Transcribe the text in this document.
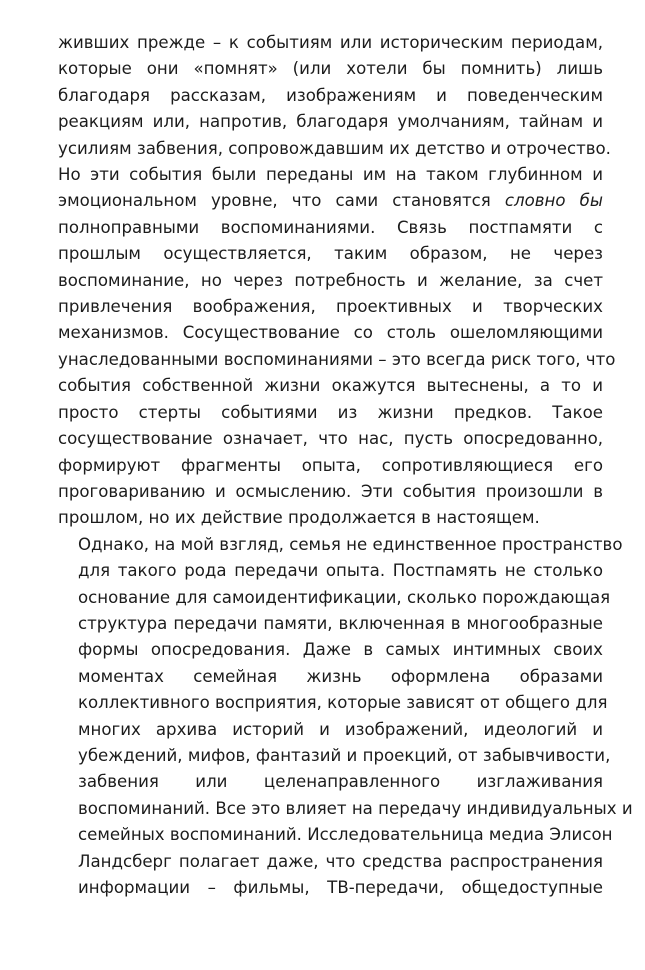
живших прежде – к событиям или историческим периодам,
которые они «помнят» (или хотели бы помнить) лишь
благодаря рассказам, изображениям и поведенческим
реакциям или, напротив, благодаря умолчаниям, тайнам и
усилиям забвения, сопровождавшим их детство и отрочество.
Но эти события были переданы им на таком глубинном и
эмоциональном уровне, что сами становятся словно бы
полноправными воспоминаниями. Связь постпамяти с
прошлым осуществляется, таким образом, не через
воспоминание, но через потребность и желание, за счет
привлечения воображения, проективных и творческих
механизмов. Сосуществование со столь ошеломляющими
унаследованными воспоминаниями – это всегда риск того, что
события собственной жизни окажутся вытеснены, а то и
просто стерты событиями из жизни предков. Такое
сосуществование означает, что нас, пусть опосредованно,
формируют фрагменты опыта, сопротивляющиеся его
проговариванию и осмыслению. Эти события произошли в
прошлом, но их действие продолжается в настоящем.
Однако, на мой взгляд, семья не единственное пространство
для такого рода передачи опыта. Постпамять не столько
основание для самоидентификации, сколько порождающая
структура передачи памяти, включенная в многообразные
формы опосредования. Даже в самых интимных своих
моментах семейная жизнь оформлена образами
коллективного восприятия, которые зависят от общего для
многих архива историй и изображений, идеологий и
убеждений, мифов, фантазий и проекций, от забывчивости,
забвения или целенаправленного изглаживания
воспоминаний. Все это влияет на передачу индивидуальных и
семейных воспоминаний. Исследовательница медиа Элисон
Ландсберг полагает даже, что средства распространения
информации – фильмы, ТВ-передачи, общедоступные
